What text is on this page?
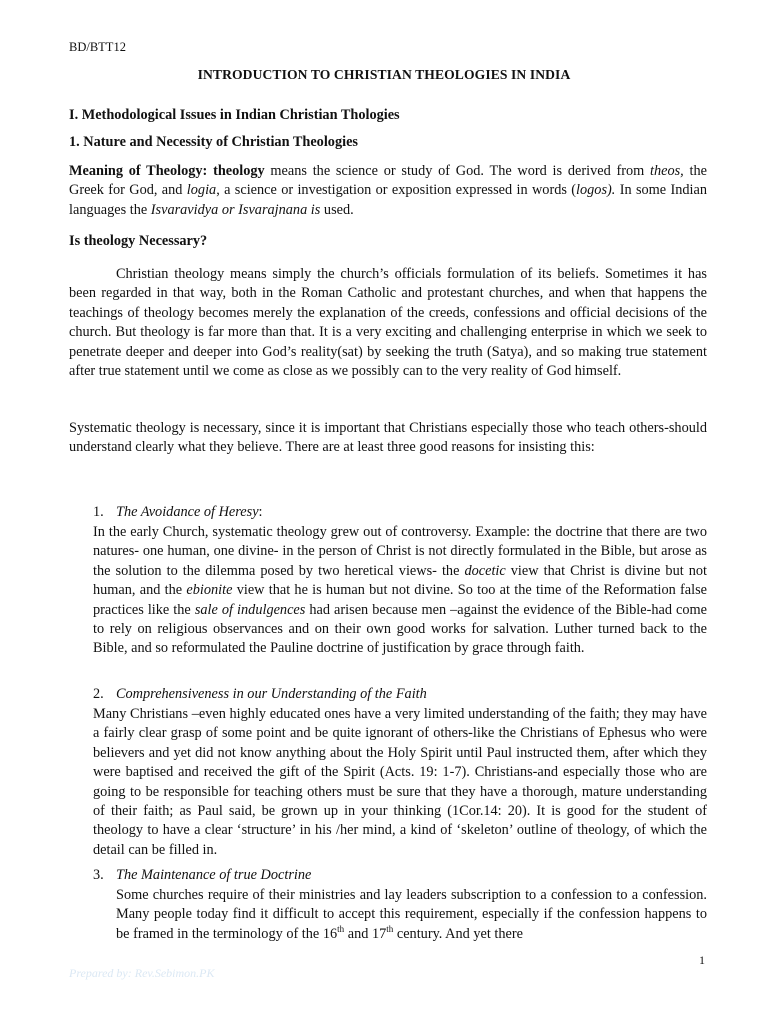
BD/BTT12
INTRODUCTION TO CHRISTIAN THEOLOGIES IN INDIA
I. Methodological Issues in Indian Christian Thologies
1. Nature and Necessity of Christian Theologies

Meaning of Theology: theology means the science or study of God. The word is derived from theos, the Greek for God, and logia, a science or investigation or exposition expressed in words (logos). In some Indian languages the Isvaravidya or Isvarajnana is used.

Is theology Necessary?

Christian theology means simply the church’s officials formulation of its beliefs. Sometimes it has been regarded in that way, both in the Roman Catholic and protestant churches, and when that happens the teachings of theology becomes merely the explanation of the creeds, confessions and official decisions of the church. But theology is far more than that. It is a very exciting and challenging enterprise in which we seek to penetrate deeper and deeper into God’s reality(sat) by seeking the truth (Satya), and so making true statement after true statement until we come as close as we possibly can to the very reality of God himself.

Systematic theology is necessary, since it is important that Christians especially those who teach others-should understand clearly what they believe. There are at least three good reasons for insisting this:

1. The Avoidance of Heresy:

In the early Church, systematic theology grew out of controversy. Example: the doctrine that there are two natures- one human, one divine- in the person of Christ is not directly formulated in the Bible, but arose as the solution to the dilemma posed by two heretical views- the docetic view that Christ is divine but not human, and the ebionite view that he is human but not divine. So too at the time of the Reformation false practices like the sale of indulgences had arisen because men –against the evidence of the Bible-had come to rely on religious observances and on their own good works for salvation. Luther turned back to the Bible, and so reformulated the Pauline doctrine of justification by grace through faith.

2. Comprehensiveness in our Understanding of the Faith

Many Christians –even highly educated ones have a very limited understanding of the faith; they may have a fairly clear grasp of some point and be quite ignorant of others-like the Christians of Ephesus who were believers and yet did not know anything about the Holy Spirit until Paul instructed them, after which they were baptised and received the gift of the Spirit (Acts. 19: 1-7). Christians-and especially those who are going to be responsible for teaching others must be sure that they have a thorough, mature understanding of their faith; as Paul said, be grown up in your thinking (1Cor.14: 20). It is good for the student of theology to have a clear ‘structure’ in his /her mind, a kind of ‘skeleton’ outline of theology, of which the detail can be filled in.

3. The Maintenance of true Doctrine

Some churches require of their ministries and lay leaders subscription to a confession to a confession. Many people today find it difficult to accept this requirement, especially if the confession happens to be framed in the terminology of the 16th and 17th century. And yet there

1
Prepared by: Rev.Sebimon.PK
